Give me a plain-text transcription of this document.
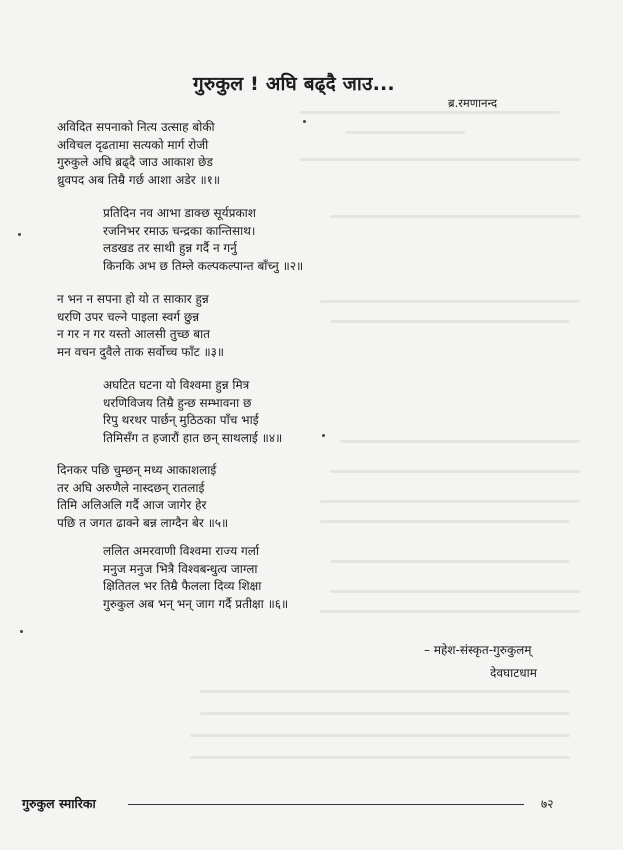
गुरुकुल ! अघि बढ्दै जाउ...
ब्र.रमणानन्द
अविदित सपनाको नित्य उत्साह बोकी
अविचल दृढतामा सत्यको मार्ग रोजी
गुरुकुले अघि ब्रढ्दै जाउ आकाश छेड
ध्रुवपद अब तिम्रै गर्छ आशा अडेर ॥१॥
प्रतिदिन नव आभा डाक्छ सूर्यप्रकाश
रजनिभर रमाऊ चन्द्रका कान्तिसाथ।
लडखड तर साथी हुन्न गर्दै न गर्नु
किनकि अभ छ तिम्ले कल्पकल्पान्त बाँच्नु ॥२॥
न भन न सपना हो यो त साकार हुन्न
धरणि उपर चल्ने पाइला स्वर्ग छुन्न
न गर न गर यस्तो आलसी तुच्छ बात
मन वचन दुवैले ताक सर्वोच्च फाँट ॥३॥
अघटित घटना यो विश्वमा हुन्न मित्र
धरणिविजय तिम्रै हुन्छ सम्भावना छ
रिपु थरथर पार्छन् मुठिठका पाँच भाई
तिमिसँग त हजारौं हात छन् साथलाई ॥४॥
दिनकर पछि चुम्छन् मध्य आकाशलाई
तर अघि अरुणैले नास्दछन् रातलाई
तिमि अलिअलि गर्दै आज जागेर हेर
पछि त जगत ढाक्ने बन्न लाग्दैन बेर ॥५॥
ललित अमरवाणी विश्वमा राज्य गर्ला
मनुज मनुज भित्रै विश्वबन्धुत्व जाग्ला
क्षितितल भर तिम्रै फैलला दिव्य शिक्षा
गुरुकुल अब भन् भन् जाग गर्दै प्रतीक्षा ॥६॥
– महेश-संस्कृत-गुरुकुलम्
देवघाटधाम
गुरुकुल स्मारिका	७२
